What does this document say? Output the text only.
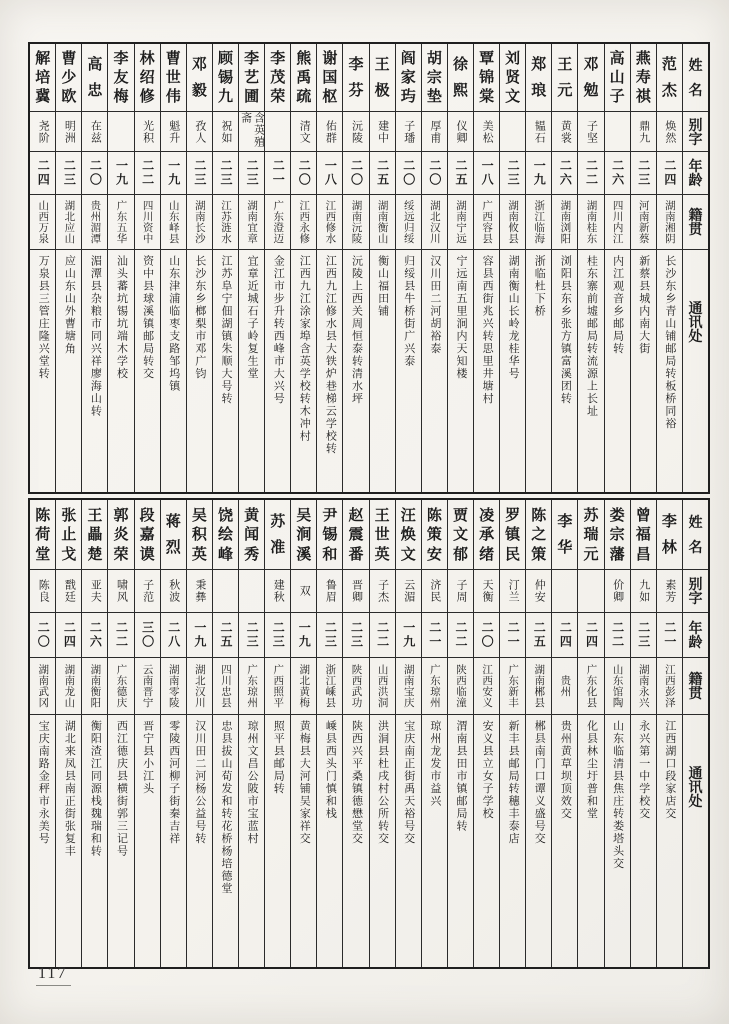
姓
名
别
字
年
龄
籍
贯
通
讯
处
范
杰
焕然
二四
湖南湘阴
长沙东乡青山铺邮局转板桥同裕
燕
寿
祺
鼎九
二三
河南新蔡
新蔡县城内南大街
高
山
子
二六
四川内江
内江观音乡邮局转
邓
勉
子坚
二二
湖南桂东
桂东寨前墟邮局转流源上长址
王
元
黄裳
二六
湖南浏阳
浏阳县东乡张方镇富溪团转
郑
琅
韫石
一九
浙江临海
浙临杜下桥
刘
贤
文
二三
湖南攸县
湖南衡山长岭龙桂华号
覃
锦
棠
美松
一八
广西容县
容县西街兆兴转思里井塘村
徐
熙
仪卿
二五
湖南宁远
宁远南五里涧内天知楼
胡
宗
垫
厚甫
二〇
湖北汉川
汉川田二河胡裕泰
阎
家
玙
子璠
二〇
绥远归绥
归绥县牛桥街广兴泰
王
极
建中
二五
湖南衡山
衡山福田铺
李
芬
沅陵
二〇
湖南沅陵
沅陵上西关周恒泰转清水坪
谢
国
枢
佑群
一八
江西修水
江西九江修水县大铁炉巷梯云学校转
熊
禹
疏
清文
二〇
江西永修
江西九江涂家埠含英学校转木冲村
李
茂
荣
二一
广东澄迈
金江市步升转西峰市大兴号
李
艺
圃
含英殖斋
二三
湖南宜章
宜章近城石子岭复生堂
顾
锡
九
祝如
二三
江苏涟水
江苏阜宁佃湖镇朱顺大号转
邓
毅
孜人
二三
湖南长沙
长沙东乡榔梨市邓广钧
曹
世
伟
魁升
一九
山东峄县
山东津浦临枣支路邹坞镇
林
绍
修
光积
二二
四川资中
资中县球溪镇邮局转交
李
友
梅
一九
广东五华
汕头蕃坑锡坑端木学校
高
忠
在兹
二〇
贵州湄潭
湄潭县杂粮市同兴祥廖海山转
曹
少
欧
明洲
二三
湖北应山
应山东山外曹塘角
解
培
冀
尧阶
二四
山西万泉
万泉县三管庄隆兴堂转
姓
名
别
字
年
龄
籍
贯
通
讯
处
李
林
素芳
二一
江西彭泽
江西湖口段家店交
曾
福
昌
九如
二三
湖南永兴
永兴第一中学校交
娄
宗
藩
价卿
二二
山东馆陶
山东临清县焦庄转娄塔头交
苏
瑞
元
二四
广东化县
化县林尘圩普和堂
李
华
二四
贵州
贵州黄草坝顶效交
陈
之
策
仲安
二五
湖南郴县
郴县南门口谭义盛号交
罗
镇
民
汀兰
二一
广东新丰
新丰县邮局转穗丰泰店
凌
承
绪
天衡
二〇
江西安义
安义县立女子学校
贾
文
郁
子周
二二
陕西临潼
渭南县田市镇邮局转
陈
策
安
济民
二一
广东琼州
琼州龙发市益兴
汪
焕
文
云湄
一九
湖南宝庆
宝庆南正街禹天裕号交
王
世
英
子杰
二二
山西洪洞
洪洞县杜戌村公所转交
赵
震
番
晋卿
二三
陕西武功
陕西兴平桑镇德懋堂交
尹
锡
和
鲁眉
二三
浙江嵊县
嵊县西头门慎和栈
吴
涧
溪
双
一九
湖北黄梅
黄梅县大河铺吴家祥交
苏
准
建秋
二三
广西照平
照平县邮局转
黄
闻
秀
二三
广东琼州
琼州文昌公陂市宝蓝村
饶
绘
峰
二五
四川忠县
忠县拔山荀发和转花桥杨培德堂
吴
积
英
秉彝
一九
湖北汉川
汉川田二河杨公益号转
蒋
烈
秋波
二八
湖南零陵
零陵西河柳子街秦吉祥
段
嘉
谟
子范
三〇
云南晋宁
晋宁县小江头
郭
炎
荣
啸风
二二
广东德庆
西江德庆县横街郭三记号
王
畾
楚
亚夫
二六
湖南衡阳
衡阳渣江同源栈魏瑞和转
张
止
戈
戬廷
二四
湖南龙山
湖北来凤县南正街张复丰
陈
荷
堂
陈良
二〇
湖南武冈
宝庆南路金秤市永美号
117
